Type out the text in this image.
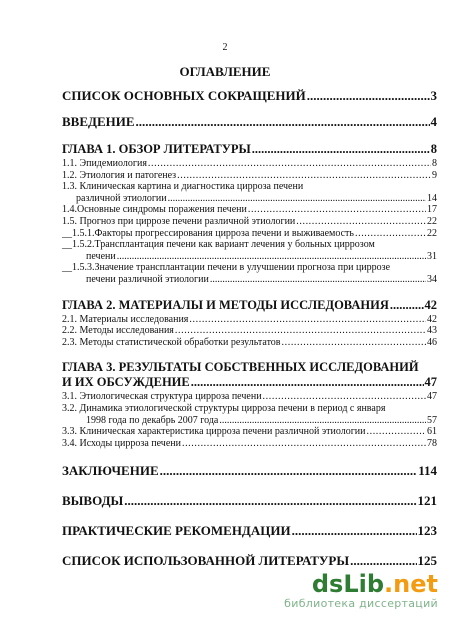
2
ОГЛАВЛЕНИЕ
СПИСОК ОСНОВНЫХ СОКРАЩЕНИЙ .....	3
ВВЕДЕНИЕ .....	4
ГЛАВА 1. ОБЗОР ЛИТЕРАТУРЫ .....	8
1.1. Эпидемиология .....	8
1.2. Этиология и патогенез .....	9
1.3. Клиническая картина и диагностика цирроза печени
различной этиологии .....	14
1.4.Основные синдромы поражения печени .....	17
1.5. Прогноз при циррозе печени различной этиологии .....	22
__1.5.1.Факторы прогрессирования цирроза печени и выживаемость .....	22
__1.5.2.Трансплантация печени как вариант лечения у больных циррозом
печени .....	31
__1.5.3.Значение трансплантации печени в улучшении прогноза при циррозе
печени различной этиологии .....	34
ГЛАВА 2. МАТЕРИАЛЫ И МЕТОДЫ ИССЛЕДОВАНИЯ .....	42
2.1. Материалы исследования .....	42
2.2. Методы исследования .....	43
2.3. Методы статистической обработки результатов .....	46
ГЛАВА 3. РЕЗУЛЬТАТЫ СОБСТВЕННЫХ ИССЛЕДОВАНИЙ
И ИХ ОБСУЖДЕНИЕ .....	47
3.1. Этиологическая структура цирроза печени .....	47
3.2. Динамика этиологической структуры цирроза печени в период с января
1998 года по декабрь 2007 года .....	57
3.3. Клиническая характеристика цирроза печени различной этиологии .....	61
3.4. Исходы цирроза печени .....	78
ЗАКЛЮЧЕНИЕ .....	114
ВЫВОДЫ .....	121
ПРАКТИЧЕСКИЕ РЕКОМЕНДАЦИИ .....	123
СПИСОК ИСПОЛЬЗОВАННОЙ ЛИТЕРАТУРЫ .....	125
dsLib.net
библиотека диссертаций
